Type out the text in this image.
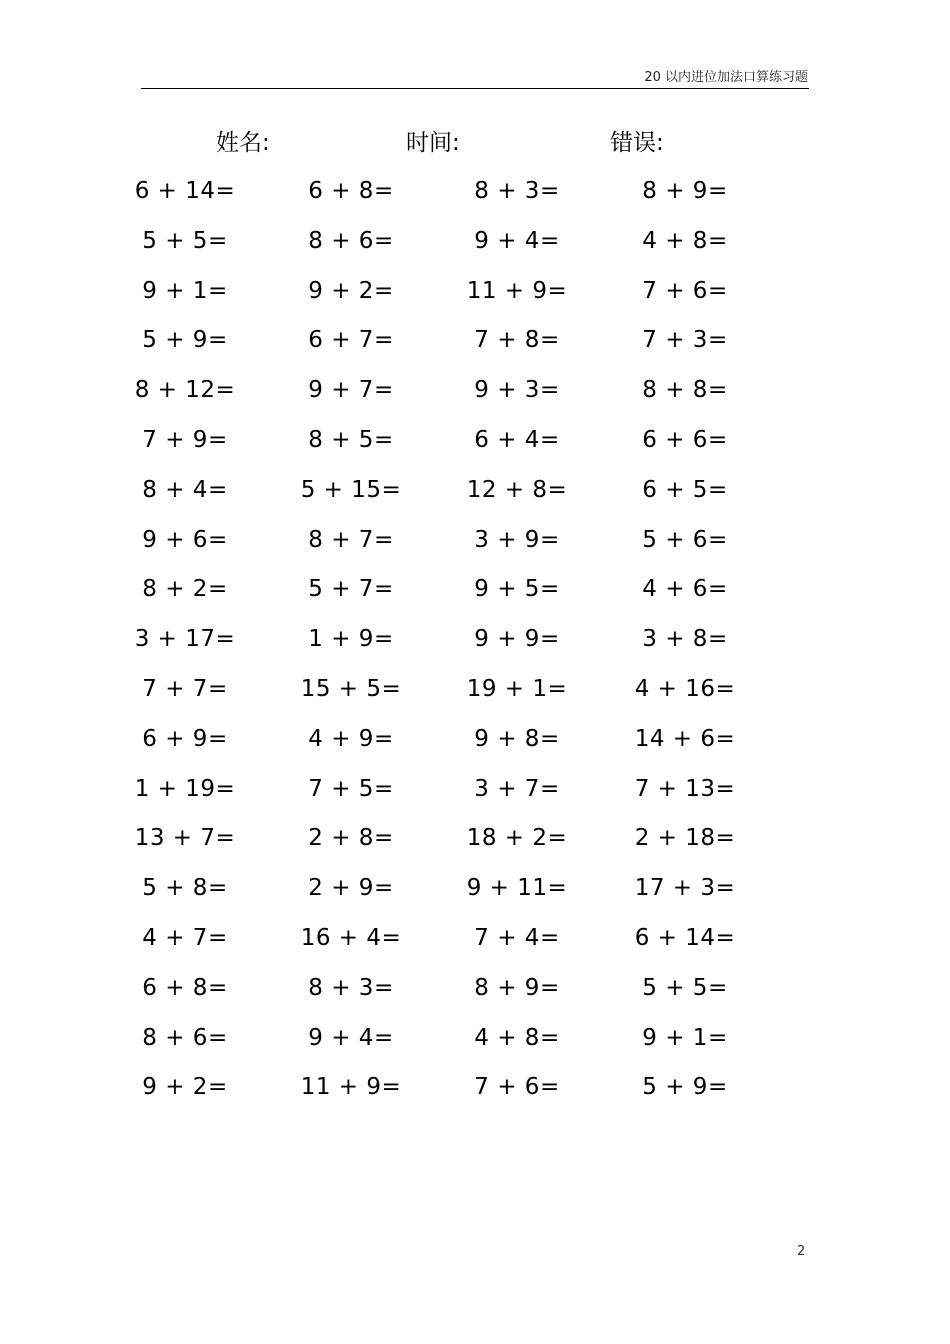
20 以内进位加法口算练习题
姓名:	时间:	错误:
6 + 14=	6 + 8=	8 + 3=	8 + 9=
5 + 5=	8 + 6=	9 + 4=	4 + 8=
9 + 1=	9 + 2=	11 + 9=	7 + 6=
5 + 9=	6 + 7=	7 + 8=	7 + 3=
8 + 12=	9 + 7=	9 + 3=	8 + 8=
7 + 9=	8 + 5=	6 + 4=	6 + 6=
8 + 4=	5 + 15=	12 + 8=	6 + 5=
9 + 6=	8 + 7=	3 + 9=	5 + 6=
8 + 2=	5 + 7=	9 + 5=	4 + 6=
3 + 17=	1 + 9=	9 + 9=	3 + 8=
7 + 7=	15 + 5=	19 + 1=	4 + 16=
6 + 9=	4 + 9=	9 + 8=	14 + 6=
1 + 19=	7 + 5=	3 + 7=	7 + 13=
13 + 7=	2 + 8=	18 + 2=	2 + 18=
5 + 8=	2 + 9=	9 + 11=	17 + 3=
4 + 7=	16 + 4=	7 + 4=	6 + 14=
6 + 8=	8 + 3=	8 + 9=	5 + 5=
8 + 6=	9 + 4=	4 + 8=	9 + 1=
9 + 2=	11 + 9=	7 + 6=	5 + 9=
2
